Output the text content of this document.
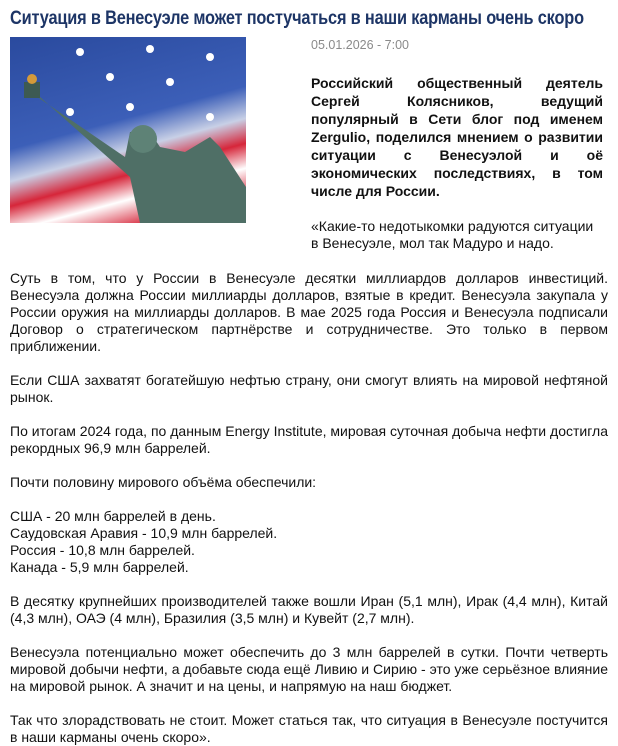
Ситуация в Венесуэле может постучаться в наши карманы очень скоро
05.01.2026 - 7:00

Российский общественный деятель Сергей Колясников, ведущий популярный в Сети блог под именем Zergulio, поделился мнением о развитии ситуации с Венесуэлой и оё экономических последствиях, в том числе для России.

«Какие-то недотыкомки радуются ситуации в Венесуэле, мол так Мадуро и надо.

Суть в том, что у России в Венесуэле десятки миллиардов долларов инвестиций. Венесуэла должна России миллиарды долларов, взятые в кредит. Венесуэла закупала у России оружия на миллиарды долларов. В мае 2025 года Россия и Венесуэла подписали Договор о стратегическом партнёрстве и сотрудничестве. Это только в первом приближении.

Если США захватят богатейшую нефтью страну, они смогут влиять на мировой нефтяной рынок.

По итогам 2024 года, по данным Energy Institute, мировая суточная добыча нефти достигла рекордных 96,9 млн баррелей.

Почти половину мирового объёма обеспечили:

США - 20 млн баррелей в день.
Саудовская Аравия - 10,9 млн баррелей.
Россия - 10,8 млн баррелей.
Канада - 5,9 млн баррелей.

В десятку крупнейших производителей также вошли Иран (5,1 млн), Ирак (4,4 млн), Китай (4,3 млн), ОАЭ (4 млн), Бразилия (3,5 млн) и Кувейт (2,7 млн).

Венесуэла потенциально может обеспечить до 3 млн баррелей в сутки. Почти четверть мировой добычи нефти, а добавьте сюда ещё Ливию и Сирию - это уже серьёзное влияние на мировой рынок. А значит и на цены, и напрямую на наш бюджет.

Так что злорадствовать не стоит. Может статься так, что ситуация в Венесуэле постучится в наши карманы очень скоро».
